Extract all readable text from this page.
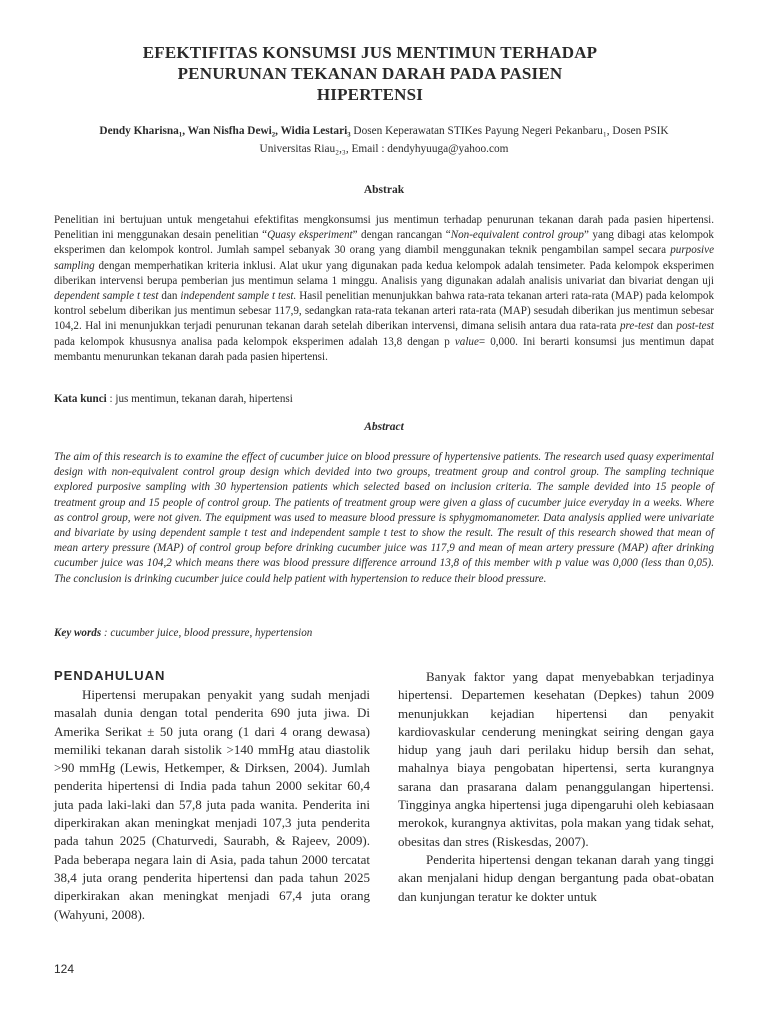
EFEKTIFITAS KONSUMSI JUS MENTIMUN TERHADAP
PENURUNAN TEKANAN DARAH PADA PASIEN
HIPERTENSI
Dendy Kharisna₁, Wan Nisfha Dewi₂, Widia Lestari₃ Dosen Keperawatan STIKes Payung Negeri Pekanbaru₁, Dosen PSIK
Universitas Riau₂,₃, Email : dendyhyuuga@yahoo.com
Abstrak

Penelitian ini bertujuan untuk mengetahui efektifitas mengkonsumsi jus mentimun terhadap penurunan tekanan darah pada pasien hipertensi. Penelitian ini menggunakan desain penelitian “Quasy eksperiment” dengan rancangan “Non-equivalent control group” yang dibagi atas kelompok eksperimen dan kelompok kontrol. Jumlah sampel sebanyak 30 orang yang diambil menggunakan teknik pengambilan sampel secara purposive sampling dengan memperhatikan kriteria inklusi. Alat ukur yang digunakan pada kedua kelompok adalah tensimeter. Pada kelompok eksperimen diberikan intervensi berupa pemberian jus mentimun selama 1 minggu. Analisis yang digunakan adalah analisis univariat dan bivariat dengan uji dependent sample t test dan independent sample t test. Hasil penelitian menunjukkan bahwa rata-rata tekanan arteri rata-rata (MAP) pada kelompok kontrol sebelum diberikan jus mentimun sebesar 117,9, sedangkan rata-rata tekanan arteri rata-rata (MAP) sesudah diberikan jus mentimun sebesar 104,2. Hal ini menunjukkan terjadi penurunan tekanan darah setelah diberikan intervensi, dimana selisih antara dua rata-rata pre-test dan post-test pada kelompok khususnya analisa pada kelompok eksperimen adalah 13,8 dengan p value= 0,000. Ini berarti konsumsi jus mentimun dapat membantu menurunkan tekanan darah pada pasien hipertensi.

Kata kunci : jus mentimun, tekanan darah, hipertensi
Abstract

The aim of this research is to examine the effect of cucumber juice on blood pressure of hypertensive patients. The research used quasy experimental design with non-equivalent control group design which devided into two groups, treatment group and control group. The sampling technique explored purposive sampling with 30 hypertension patients which selected based on inclusion criteria. The sample devided into 15 people of treatment group and 15 people of control group. The patients of treatment group were given a glass of cucumber juice everyday in a weeks. Where as control group, were not given. The equipment was used to measure blood pressure is sphygmomanometer. Data analysis applied were univariate and bivariate by using dependent sample t test and independent sample t test to show the result. The result of this research showed that mean of mean artery pressure (MAP) of control group before drinking cucumber juice was 117,9 and mean of mean artery pressure (MAP) after drinking cucumber juice was 104,2 which means there was blood pressure difference arround 13,8 of this member with p value was 0,000 (less than 0,05). The conclusion is drinking cucumber juice could help patient with hypertension to reduce their blood pressure.

Key words : cucumber juice, blood pressure, hypertension
PENDAHULUAN

Hipertensi merupakan penyakit yang sudah menjadi masalah dunia dengan total penderita 690 juta jiwa. Di Amerika Serikat ± 50 juta orang (1 dari 4 orang dewasa) memiliki tekanan darah sistolik >140 mmHg atau diastolik >90 mmHg (Lewis, Hetkemper, & Dirksen, 2004). Jumlah penderita hipertensi di India pada tahun 2000 sekitar 60,4 juta pada laki-laki dan 57,8 juta pada wanita. Penderita ini diperkirakan akan meningkat menjadi 107,3 juta penderita pada tahun 2025 (Chaturvedi, Saurabh, & Rajeev, 2009). Pada beberapa negara lain di Asia, pada tahun 2000 tercatat 38,4 juta orang penderita hipertensi dan pada tahun 2025 diperkirakan akan meningkat menjadi 67,4 juta orang (Wahyuni, 2008).

Banyak faktor yang dapat menyebabkan terjadinya hipertensi. Departemen kesehatan (Depkes) tahun 2009 menunjukkan kejadian hipertensi dan penyakit kardiovaskular cenderung meningkat seiring dengan gaya hidup yang jauh dari perilaku hidup bersih dan sehat, mahalnya biaya pengobatan hipertensi, serta kurangnya sarana dan prasarana dalam penanggulangan hipertensi. Tingginya angka hipertensi juga dipengaruhi oleh kebiasaan merokok, kurangnya aktivitas, pola makan yang tidak sehat, obesitas dan stres (Riskesdas, 2007).

Penderita hipertensi dengan tekanan darah yang tinggi akan menjalani hidup dengan bergantung pada obat-obatan dan kunjungan teratur ke dokter untuk

124
